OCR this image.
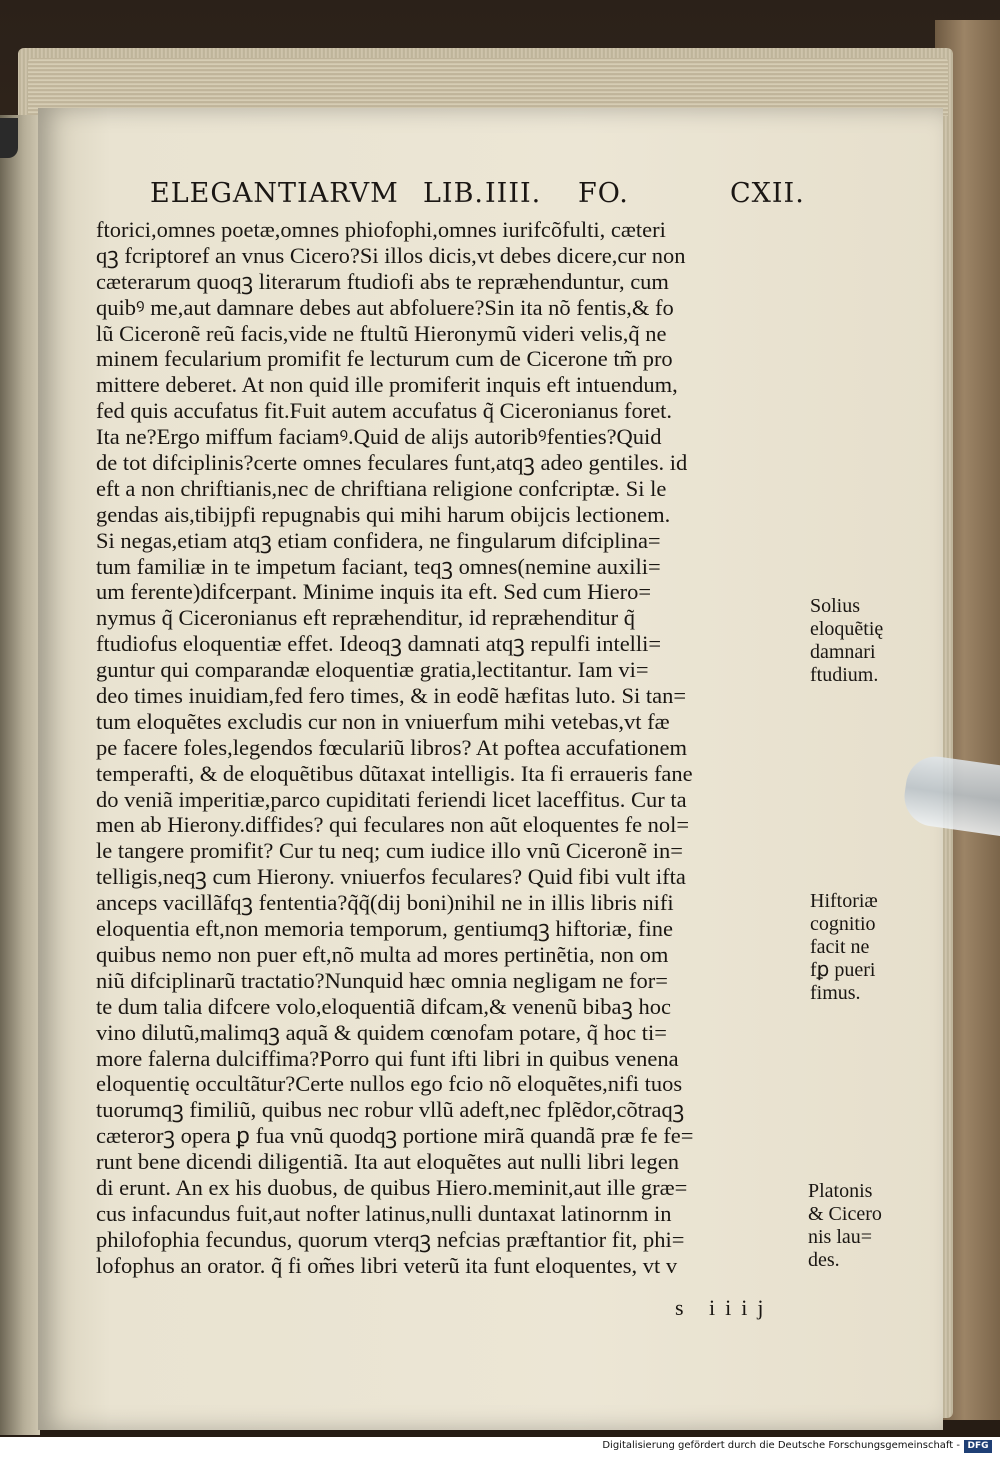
ELEGANTIARVM LIB. IIII. FO.	CXII.
ftorici,omnes poetæ,omnes phiofophi,omnes iurifcõfulti, cæteri
qꝫ fcriptoref an vnus Cicero?Si illos dicis,vt debes dicere,cur non
cæterarum quoqꝫ literarum ftudiofi abs te repræhenduntur, cum
quibꝰ me,aut damnare debes aut abfoluere?Sin ita nõ fentis,& fo
lũ Ciceronẽ reũ facis,vide ne ftultũ Hieronymũ videri velis,q̃ ne
minem fecularium promifit fe lecturum cum de Cicerone tm̃ pro
mittere deberet. At non quid ille promiferit inquis eft intuendum,
fed quis accufatus fit.Fuit autem accufatus q̃ Ciceronianus foret.
Ita ne?Ergo miffum faciamꝰ.Quid de alijs autoribꝰfenties?Quid
de tot difciplinis?certe omnes feculares funt,atqꝫ adeo gentiles. id
eft a non chriftianis,nec de chriftiana religione confcriptæ. Si le
gendas ais,tibijpfi repugnabis qui mihi harum obijcis lectionem.
Si negas,etiam atqꝫ etiam confidera, ne fingularum difciplina=
tum familiæ in te impetum faciant, teqꝫ omnes(nemine auxili=
um ferente)difcerpant. Minime inquis ita eft. Sed cum Hiero=
nymus q̃ Ciceronianus eft repræhenditur, id repræhenditur q̃
ftudiofus eloquentiæ effet. Ideoqꝫ damnati atqꝫ repulfi intelli=
guntur qui comparandæ eloquentiæ gratia,lectitantur. Iam vi=
deo times inuidiam,fed fero times, & in eodẽ hæfitas luto. Si tan=
tum eloquẽtes excludis cur non in vniuerfum mihi vetebas,vt fæ
pe facere foles,legendos fœculariũ libros? At poftea accufationem
temperafti, & de eloquẽtibus dũtaxat intelligis. Ita fi erraueris fane
do veniã imperitiæ,parco cupiditati feriendi licet laceffitus. Cur ta
men ab Hierony.diffides? qui feculares non aũt eloquentes fe nol=
le tangere promifit? Cur tu neq; cum iudice illo vnũ Ciceronẽ in=
telligis,neqꝫ cum Hierony. vniuerfos feculares? Quid fibi vult ifta
anceps vacillãfqꝫ fententia?q̃q̃(dij boni)nihil ne in illis libris nifi
eloquentia eft,non memoria temporum, gentiumqꝫ hiftoriæ, fine
quibus nemo non puer eft,nõ multa ad mores pertinẽtia, non om
niũ difciplinarũ tractatio?Nunquid hæc omnia negligam ne for=
te dum talia difcere volo,eloquentiã difcam,& venenũ bibaꝫ hoc
vino dilutũ,malimqꝫ aquã & quidem cœnofam potare, q̃ hoc ti=
more falerna dulciffima?Porro qui funt ifti libri in quibus venena
eloquentię occultãtur?Certe nullos ego fcio nõ eloquẽtes,nifi tuos
tuorumqꝫ fimiliũ, quibus nec robur vllũ adeft,nec fplẽdor,cõtraqꝫ
cæterorꝫ opera ꝑ fua vnũ quodqꝫ portione mirã quandã præ fe fe=
runt bene dicendi diligentiã. Ita aut eloquẽtes aut nulli libri legen
di erunt. An ex his duobus, de quibus Hiero.meminit,aut ille græ=
cus infacundus fuit,aut nofter latinus,nulli duntaxat latinornm in
philofophia fecundus, quorum vterqꝫ nefcias præftantior fit, phi=
lofophus an orator. q̃ fi om̃es libri veterũ ita funt eloquentes, vt v
Solius
eloquẽtię
damnari
ftudium.
Hiftoriæ
cognitio
facit ne
fꝑ pueri
fimus.
Platonis
& Cicero
nis lau=
des.
s iiij
Digitalisierung gefördert durch die Deutsche Forschungsgemeinschaft - DFG
